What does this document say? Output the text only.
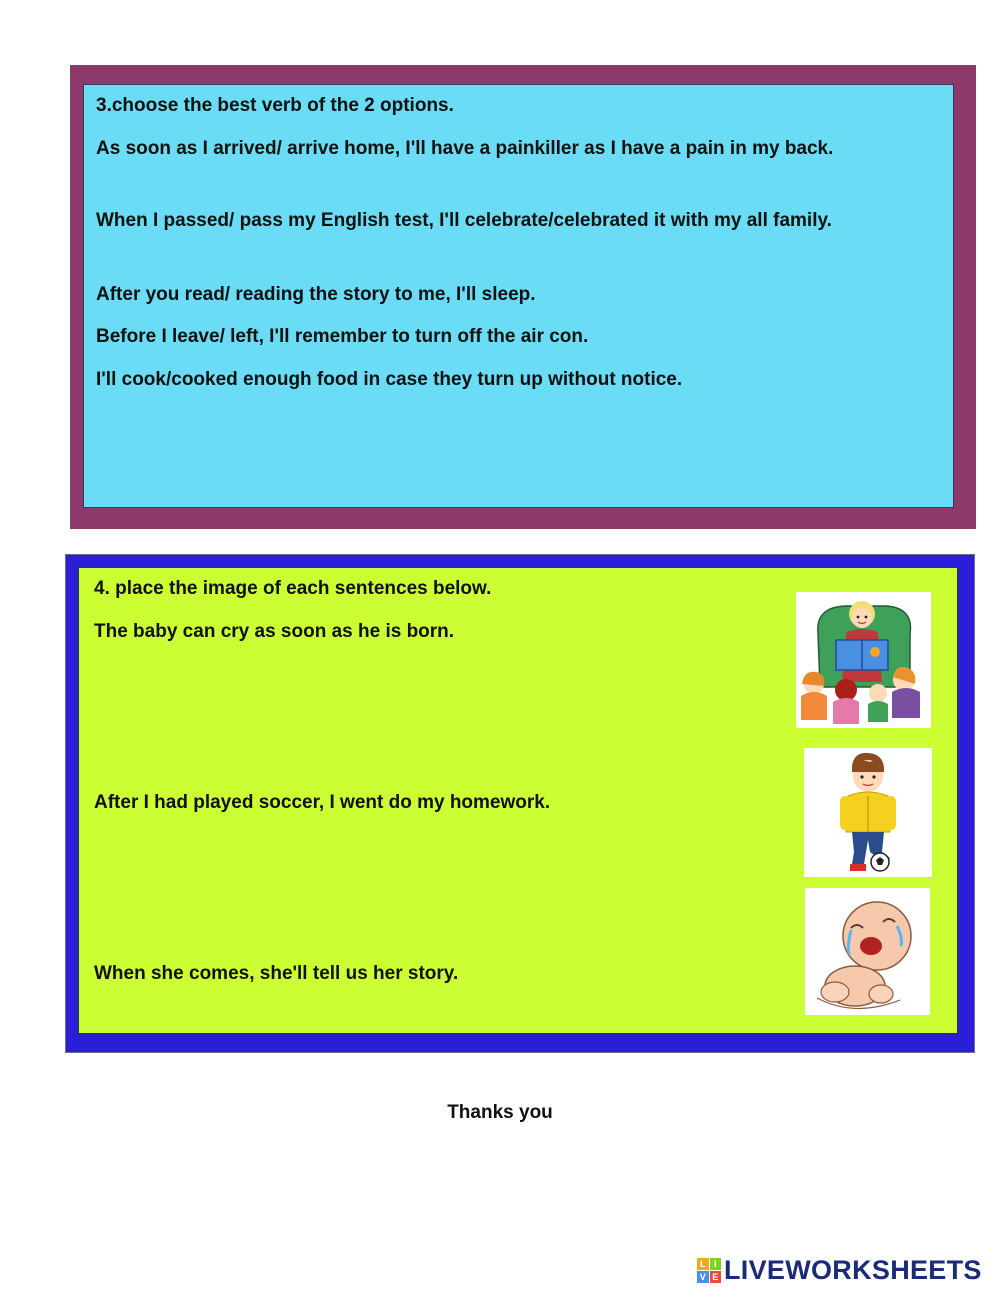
3.choose the best verb of the 2 options.

As soon as I arrived/ arrive home, I'll have a painkiller as I have a pain in my back.

When I passed/ pass my English test, I'll celebrate/celebrated it with my all family.

After you read/ reading the story to me, I'll sleep.

Before I leave/ left, I'll remember to turn off the air con.

I'll cook/cooked enough food in case they turn up without notice.

4. place the image of each sentences below.

The baby can cry as soon as he is born.

After I had played soccer, I went do my homework.

When she comes, she'll tell us her story.

Thanks you

L I
V E LIVEWORKSHEETS
